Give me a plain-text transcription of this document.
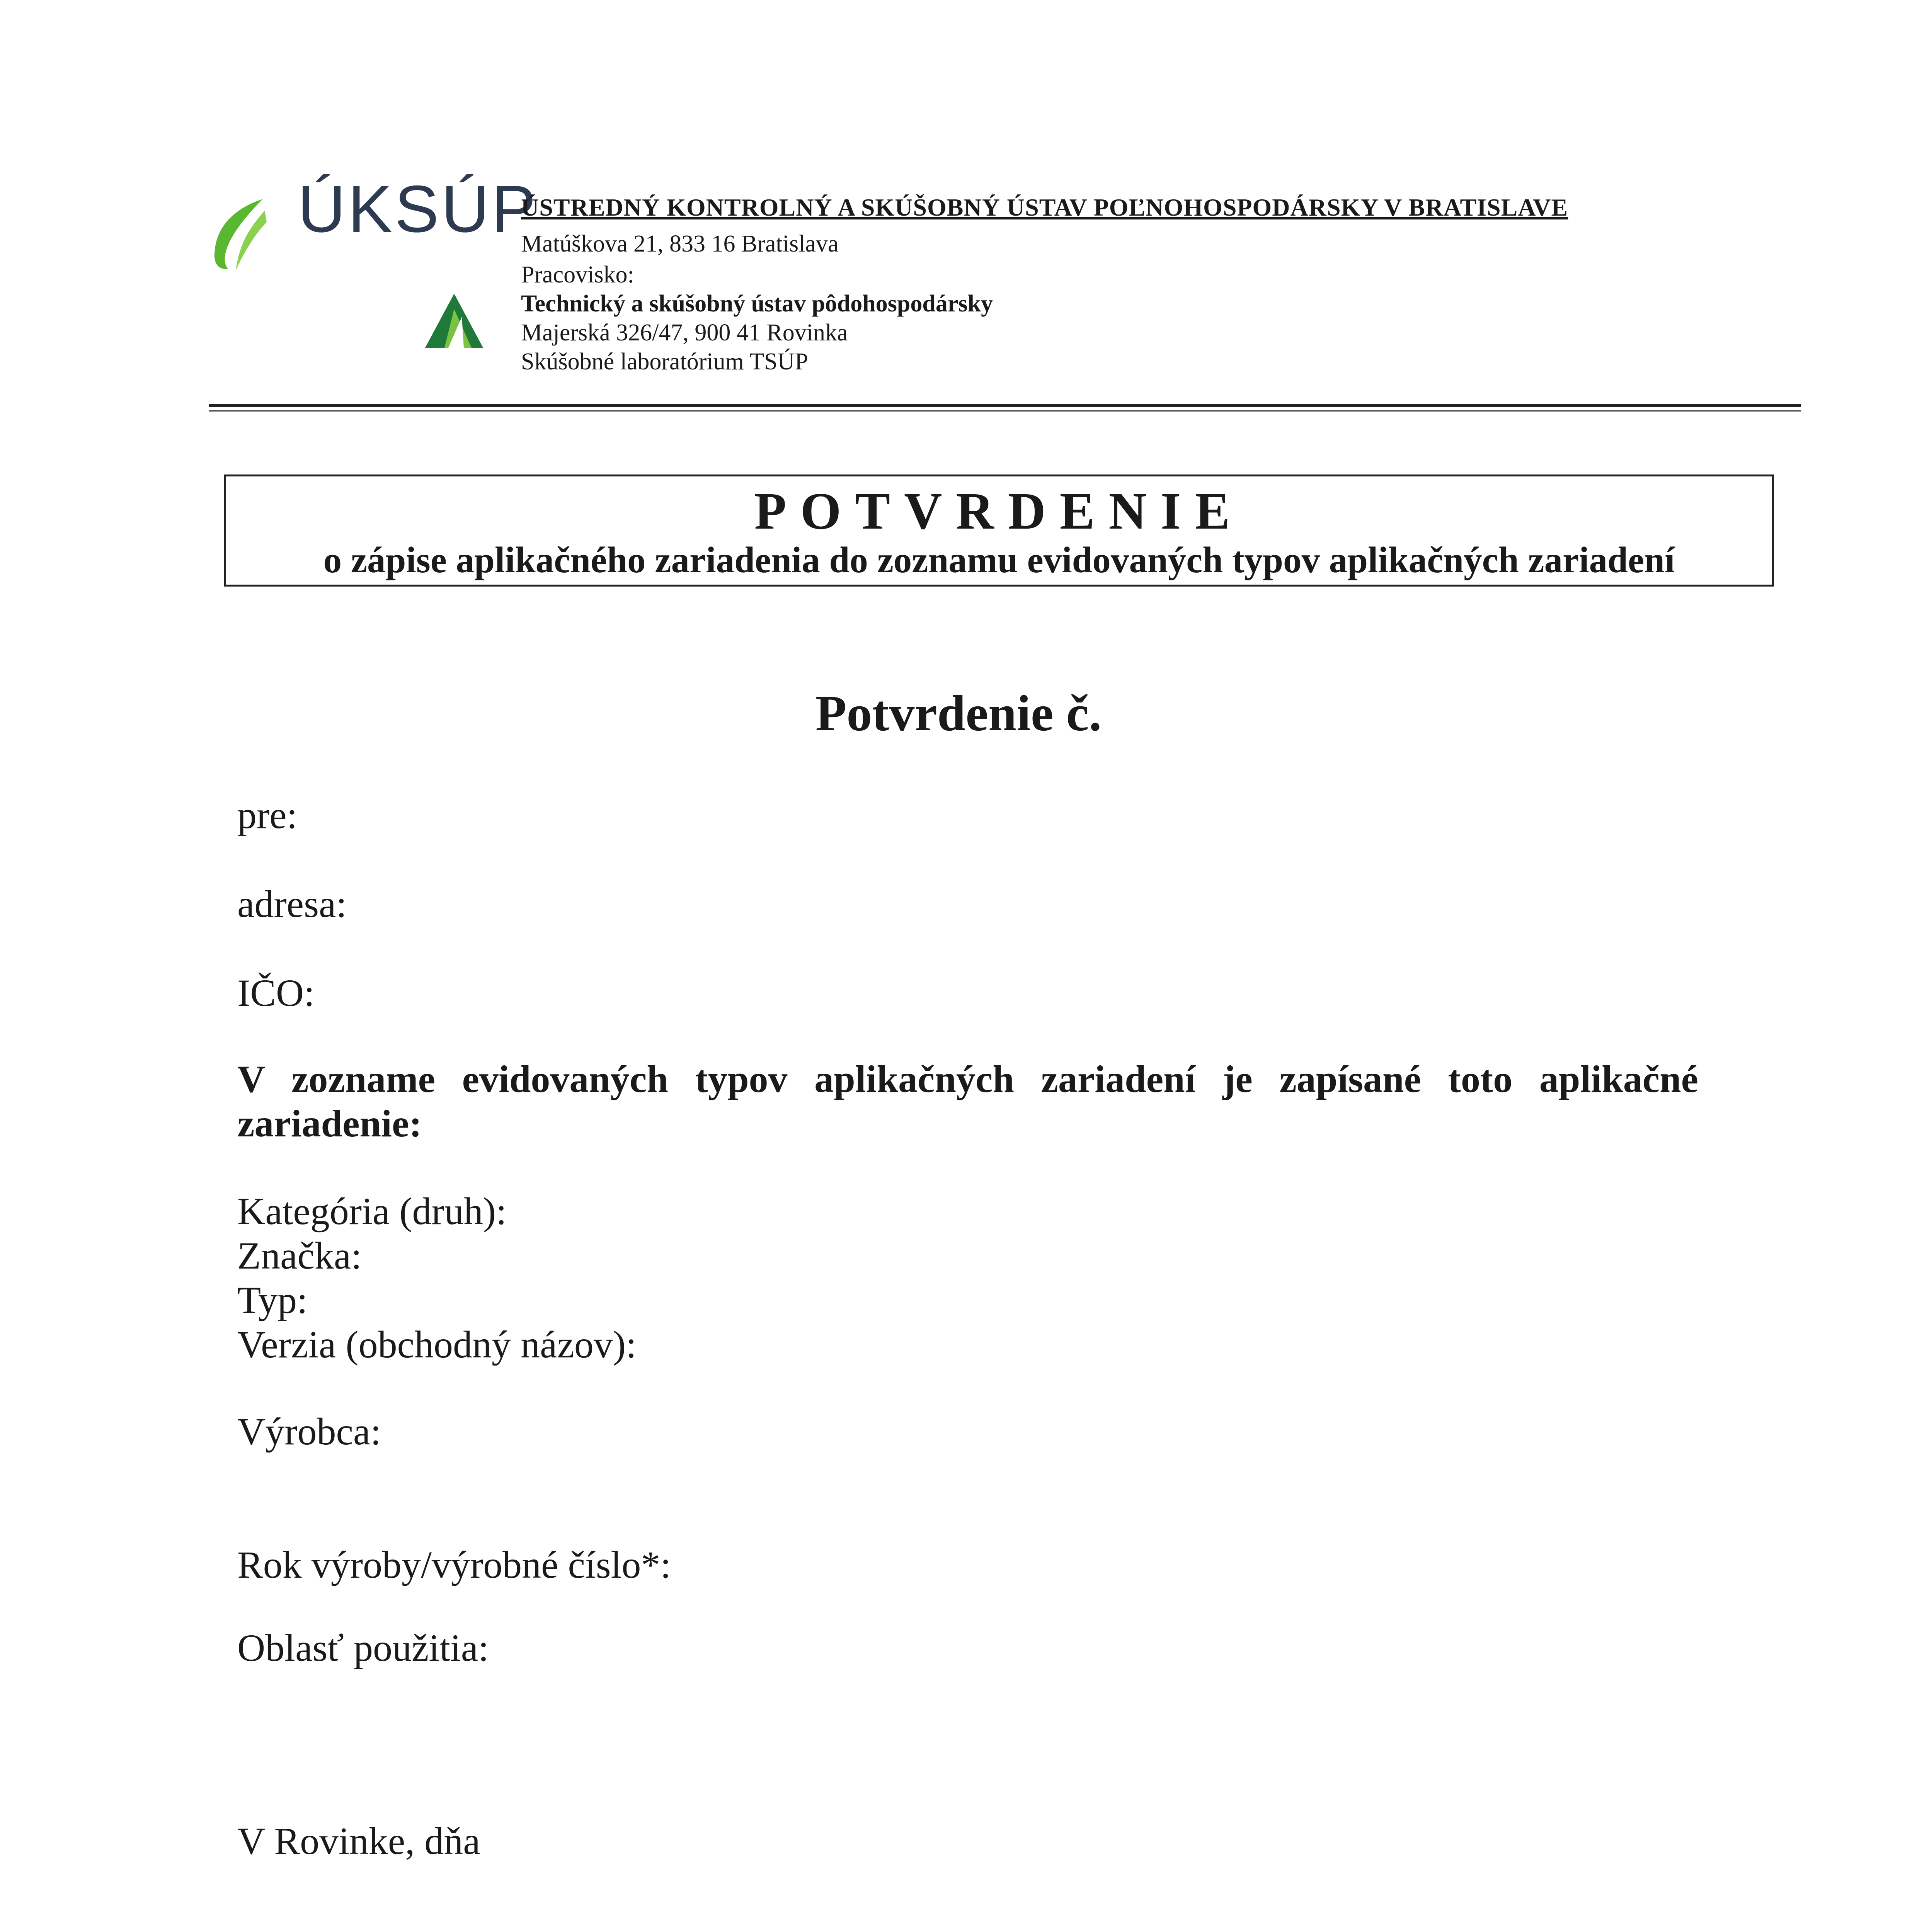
ÚKSÚP
ÚSTREDNÝ KONTROLNÝ A SKÚŠOBNÝ ÚSTAV POĽNOHOSPODÁRSKY V BRATISLAVE
Matúškova 21, 833 16 Bratislava
Pracovisko:
Technický a skúšobný ústav pôdohospodársky
Majerská 326/47, 900 41 Rovinka
Skúšobné laboratórium TSÚP
POTVRDENIE
o zápise aplikačného zariadenia do zoznamu evidovaných typov aplikačných zariadení
Potvrdenie č.
pre:
adresa:
IČO:
V zozname evidovaných typov aplikačných zariadení je zapísané toto aplikačné zariadenie:
Kategória (druh):
Značka:
Typ:
Verzia (obchodný názov):
Výrobca:
Rok výroby/výrobné číslo*:
Oblasť použitia:
V Rovinke, dňa
